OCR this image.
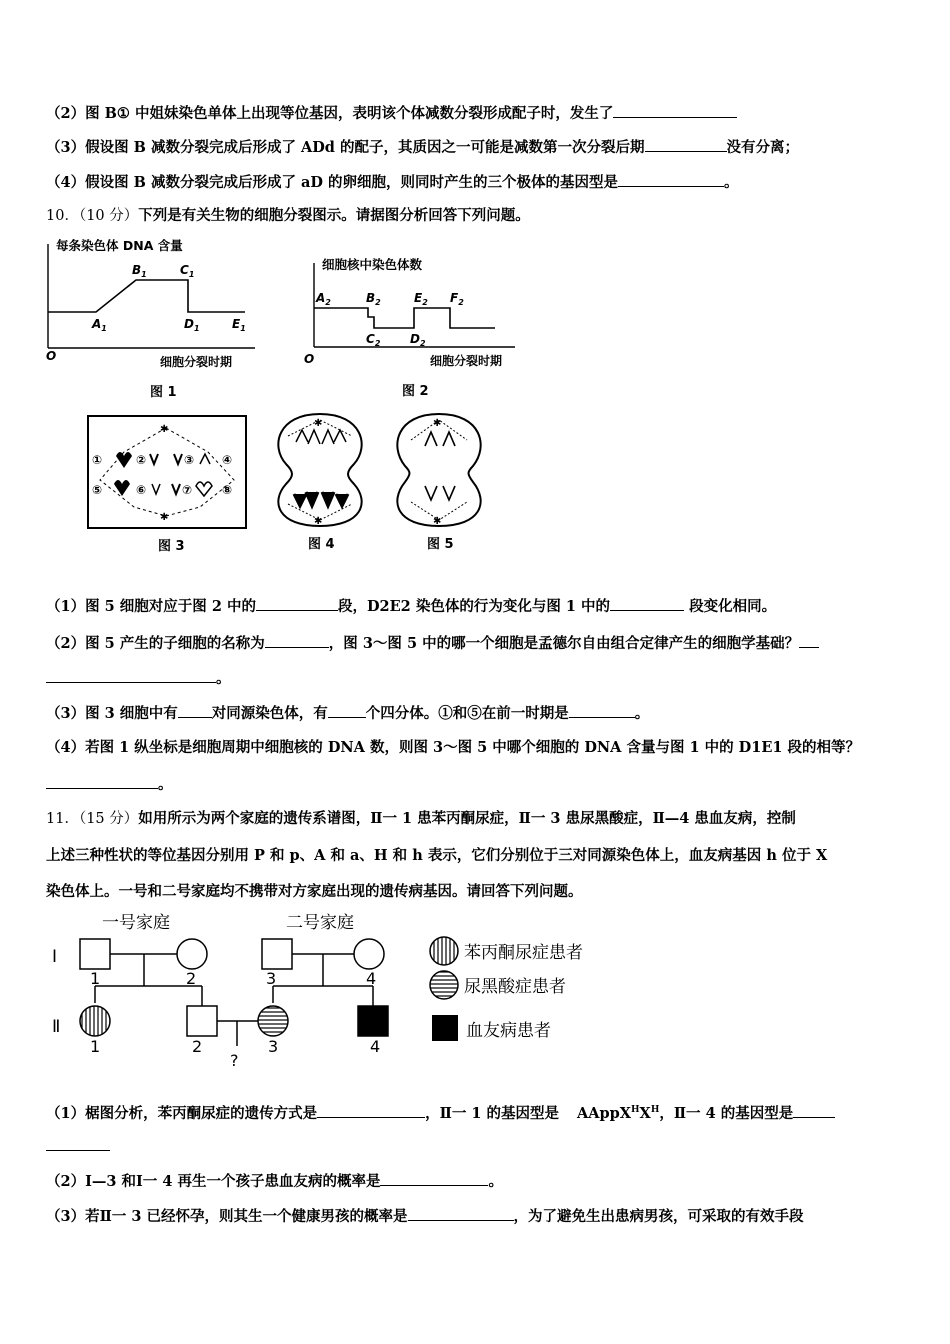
（2）图 B① 中姐妹染色单体上出现等位基因，表明该个体减数分裂形成配子时，发生了
（3）假设图 B 减数分裂完成后形成了 ADd 的配子，其质因之一可能是减数第一次分裂后期	没有分离；
（4）假设图 B 减数分裂完成后形成了 aD 的卵细胞，则同时产生的三个极体的基因型是	。
10．（10 分）下列是有关生物的细胞分裂图示。请据图分析回答下列问题。
每条染色体 DNA 含量
$A_1$
$B_1$	$C_1$
$D_1$	$E_1$
O	细胞分裂时期
图 1
细胞核中染色体数
$A_2$	$B_2$
$C_2$ $D_2$
$E_2$ $F_2$
O	细胞分裂时期
图 2
✱
✱
①	②	③ ④
⑤	⑥	⑦ ⑧
图 3
✱
✱
图 4
✱
✱
图 5
（1）图 5 细胞对应于图 2 中的	段，D2E2 染色体的行为变化与图 1 中的	段变化相同。
（2）图 5 产生的子细胞的名称为	，图 3～图 5 中的哪一个细胞是孟德尔自由组合定律产生的细胞学基础？
。
（3）图 3 细胞中有 对同源染色体，有	个四分体。①和⑤在前一时期是	。
（4）若图 1 纵坐标是细胞周期中细胞核的 DNA 数，则图 3～图 5 中哪个细胞的 DNA 含量与图 1 中的 D1E1 段的相等？
。
11．（15 分）如用所示为两个家庭的遗传系谱图，Ⅱ一 1 患苯丙酮尿症，Ⅱ一 3 患尿黑酸症，Ⅱ—4 患血友病，控制
上述三种性状的等位基因分别用 P 和 p、A 和 a、H 和 h 表示，它们分别位于三对同源染色体上，血友病基因 h 位于 X
染色体上。一号和二号家庭均不携带对方家庭出现的遗传病基因。请回答下列问题。
一号家庭	二号家庭
Ⅰ
Ⅱ
1	2	3	4
1	2	3	4
?
苯丙酮尿症患者
尿黑酸症患者
血友病患者
（1）椐图分析，苯丙酮尿症的遗传方式是	，Ⅱ一 1 的基因型是 $AAppX^HX^H$，Ⅱ一 4 的基因型是
（2）Ⅰ—3 和Ⅰ一 4 再生一个孩子患血友病的概率是	。
（3）若Ⅱ一 3 已经怀孕，则其生一个健康男孩的概率是	，为了避免生出患病男孩，可采取的有效手段
